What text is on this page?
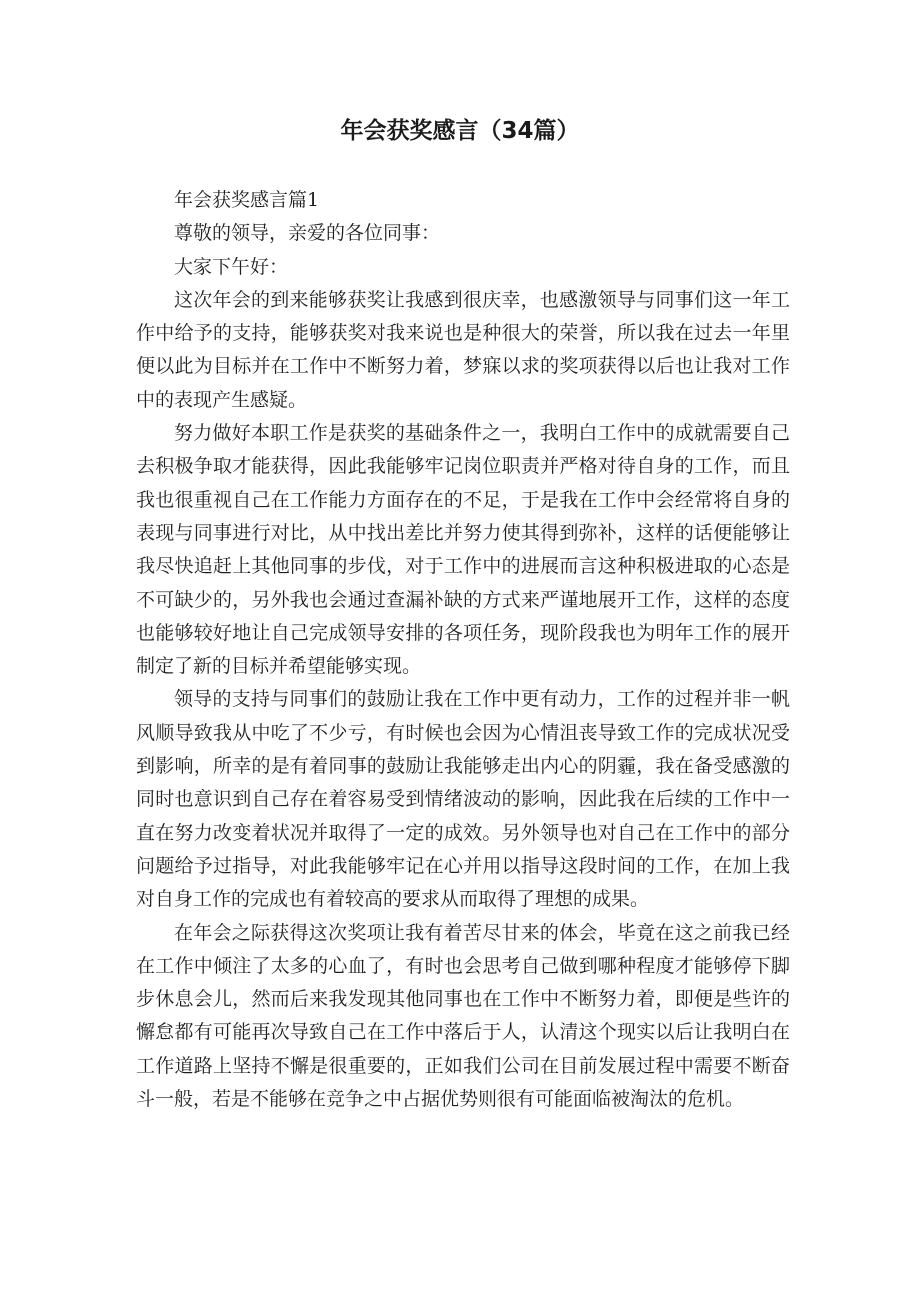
年会获奖感言（34篇）

年会获奖感言篇1

尊敬的领导，亲爱的各位同事：

大家下午好：

这次年会的到来能够获奖让我感到很庆幸，也感激领导与同事们这一年工作中给予的支持，能够获奖对我来说也是种很大的荣誉，所以我在过去一年里便以此为目标并在工作中不断努力着，梦寐以求的奖项获得以后也让我对工作中的表现产生感疑。

努力做好本职工作是获奖的基础条件之一，我明白工作中的成就需要自己去积极争取才能获得，因此我能够牢记岗位职责并严格对待自身的工作，而且我也很重视自己在工作能力方面存在的不足，于是我在工作中会经常将自身的表现与同事进行对比，从中找出差比并努力使其得到弥补，这样的话便能够让我尽快追赶上其他同事的步伐，对于工作中的进展而言这种积极进取的心态是不可缺少的，另外我也会通过查漏补缺的方式来严谨地展开工作，这样的态度也能够较好地让自己完成领导安排的各项任务，现阶段我也为明年工作的展开制定了新的目标并希望能够实现。

领导的支持与同事们的鼓励让我在工作中更有动力，工作的过程并非一帆风顺导致我从中吃了不少亏，有时候也会因为心情沮丧导致工作的完成状况受到影响，所幸的是有着同事的鼓励让我能够走出内心的阴霾，我在备受感激的同时也意识到自己存在着容易受到情绪波动的影响，因此我在后续的工作中一直在努力改变着状况并取得了一定的成效。另外领导也对自己在工作中的部分问题给予过指导，对此我能够牢记在心并用以指导这段时间的工作，在加上我对自身工作的完成也有着较高的要求从而取得了理想的成果。

在年会之际获得这次奖项让我有着苦尽甘来的体会，毕竟在这之前我已经在工作中倾注了太多的心血了，有时也会思考自己做到哪种程度才能够停下脚步休息会儿，然而后来我发现其他同事也在工作中不断努力着，即便是些许的懈怠都有可能再次导致自己在工作中落后于人，认清这个现实以后让我明白在工作道路上坚持不懈是很重要的，正如我们公司在目前发展过程中需要不断奋斗一般，若是不能够在竞争之中占据优势则很有可能面临被淘汰的危机。
